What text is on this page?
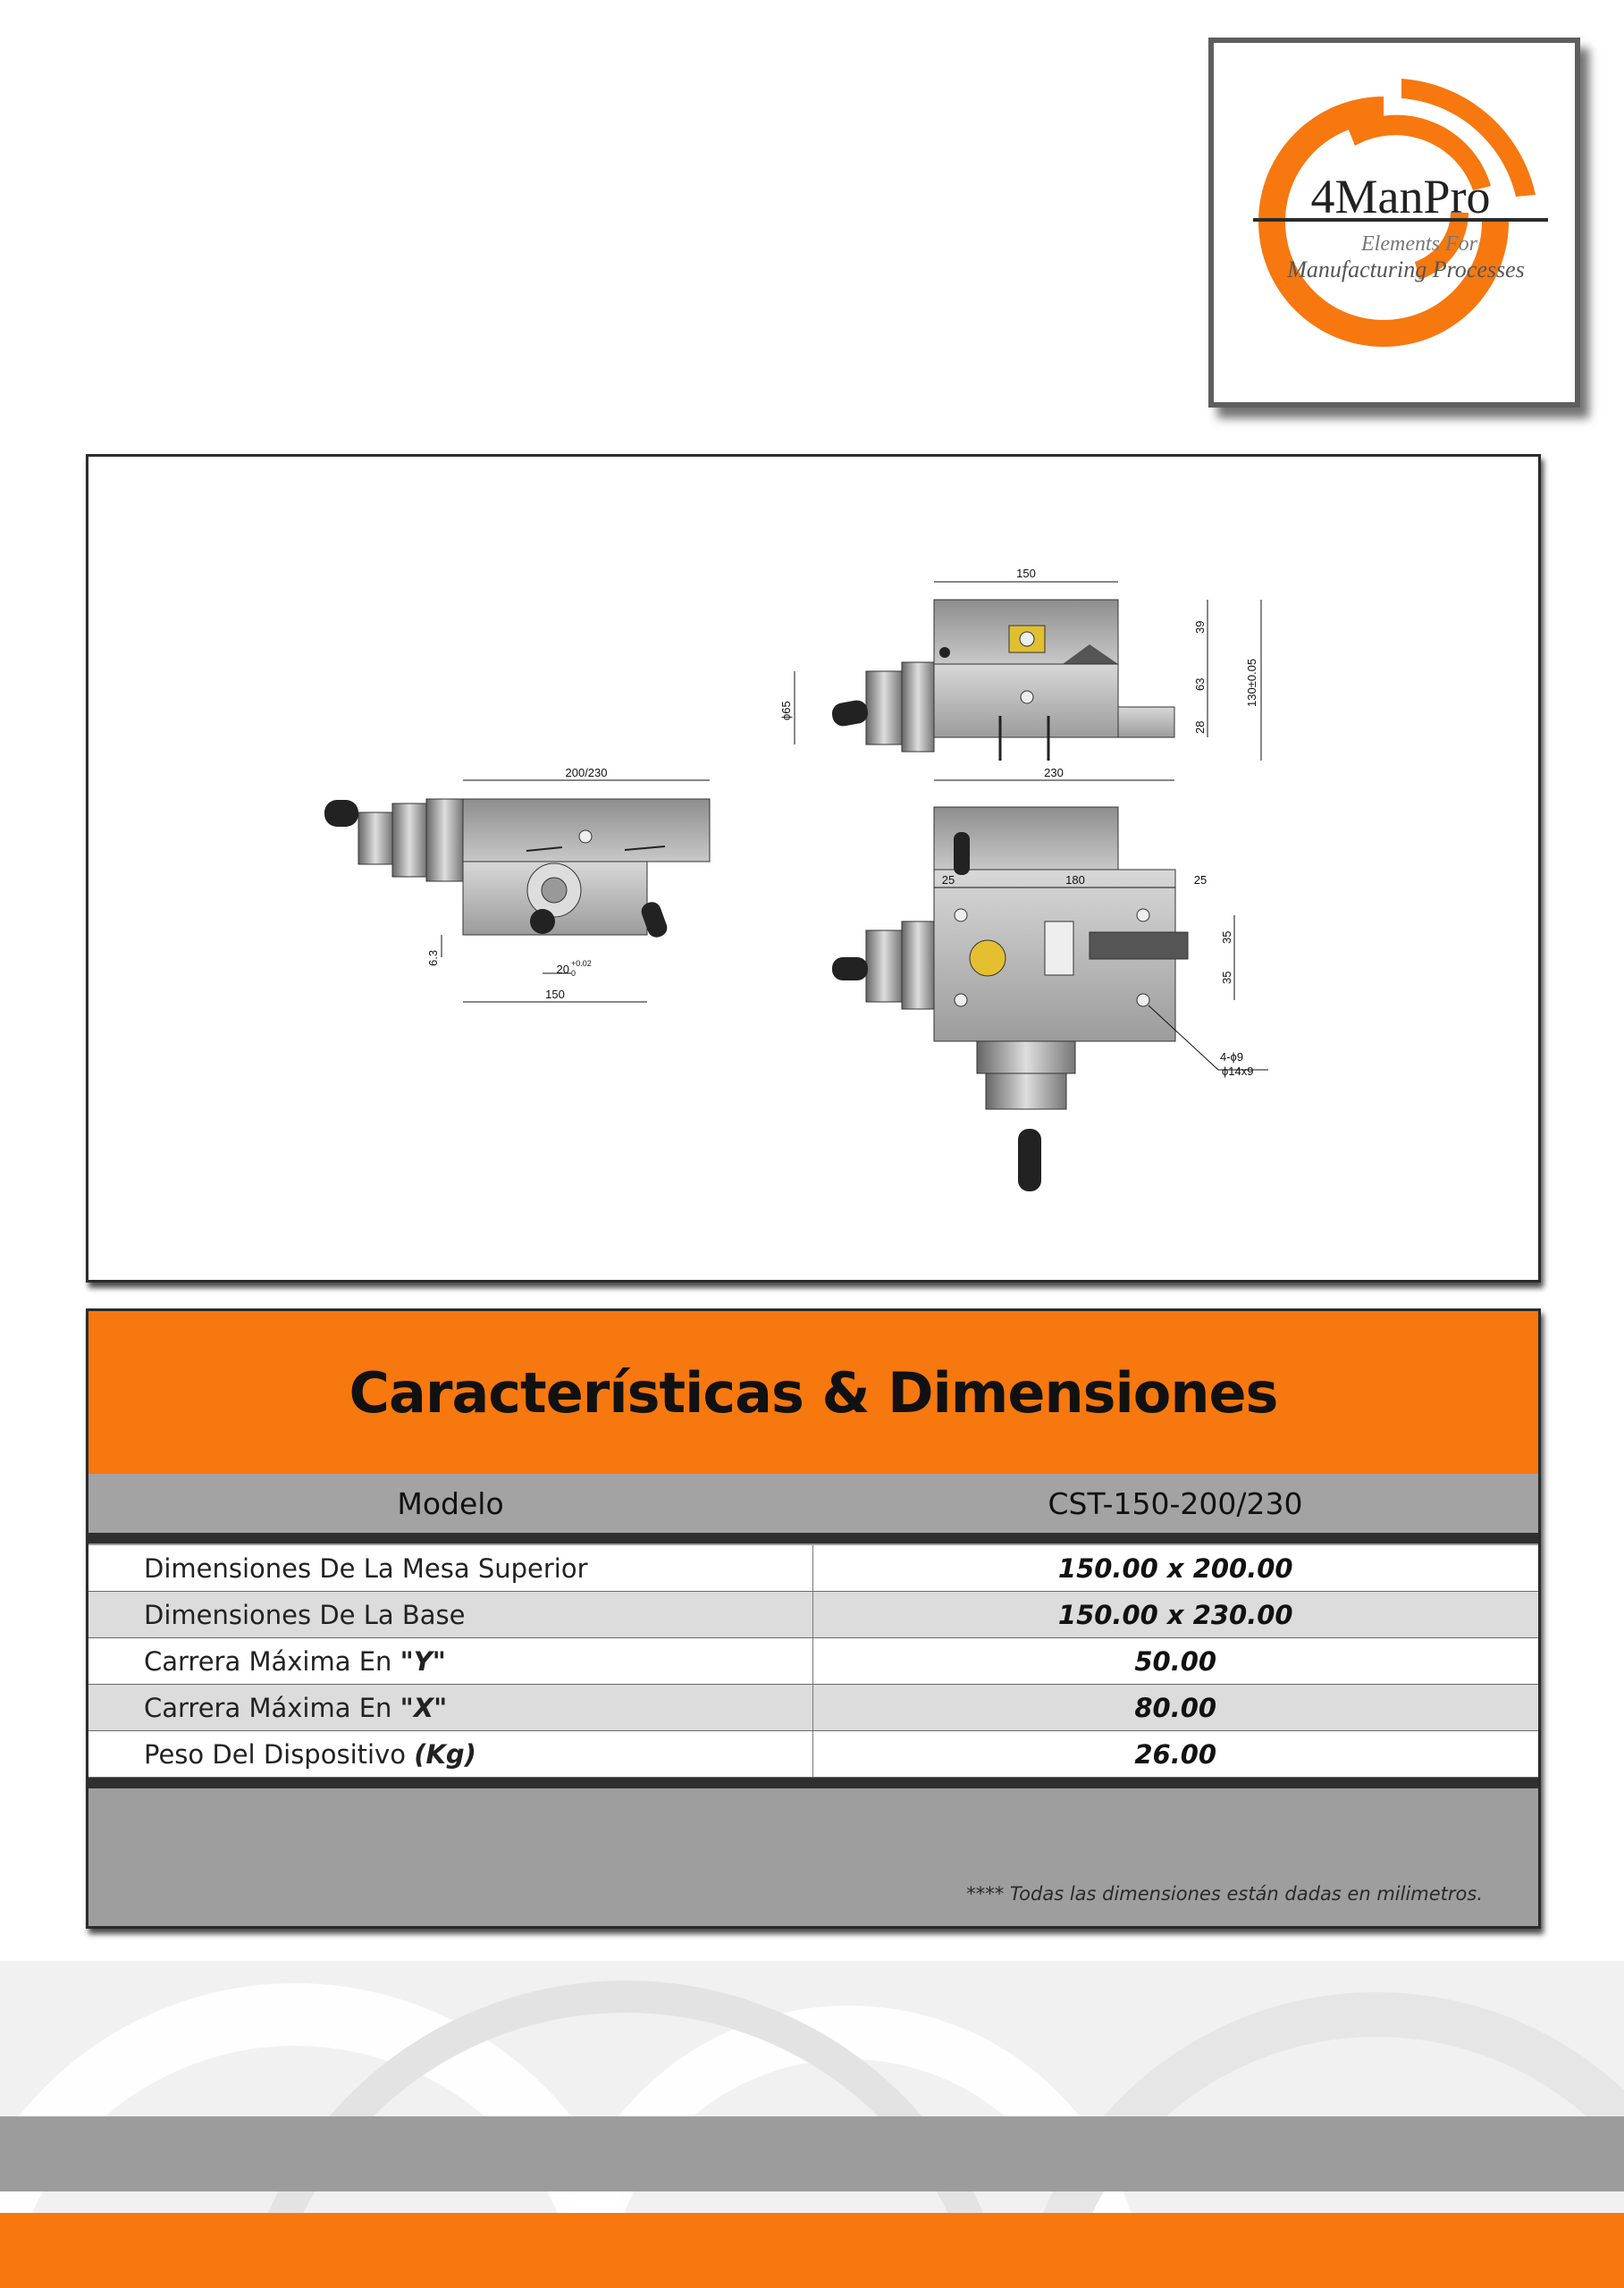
4ManPro
Elements For
Manufacturing Processes
200/230
150
20 +0.02
0
6.3
150
230
ϕ65
39
63
28
130±0.05
25	180	25
35
35
4-ϕ9
ϕ14x9
Características & Dimensiones
Modelo	CST-150-200/230
Dimensiones De La Mesa Superior	150.00 x 200.00
Dimensiones De La Base	150.00 x 230.00
Carrera Máxima En "Y"	50.00
Carrera Máxima En "X"	80.00
Peso Del Dispositivo (Kg)	26.00
**** Todas las dimensiones están dadas en milimetros.
